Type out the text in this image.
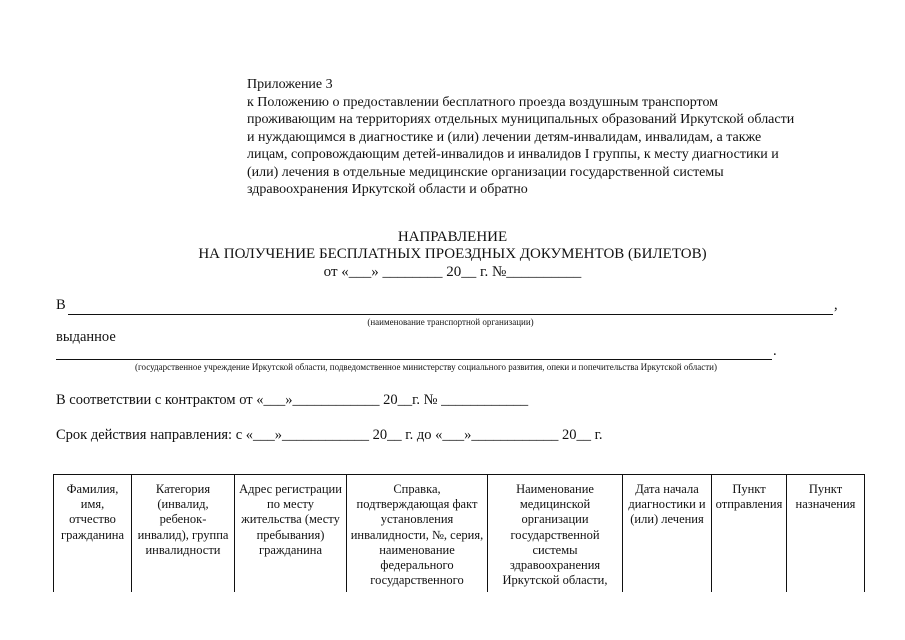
Приложение 3
к Положению о предоставлении бесплатного проезда воздушным транспортом
проживающим на территориях отдельных муниципальных образований Иркутской области
и нуждающимся в диагностике и (или) лечении детям-инвалидам, инвалидам, а также
лицам, сопровождающим детей-инвалидов и инвалидов I группы, к месту диагностики и
(или) лечения в отдельные медицинские организации государственной системы
здравоохранения Иркутской области и обратно
НАПРАВЛЕНИЕ
НА ПОЛУЧЕНИЕ БЕСПЛАТНЫХ ПРОЕЗДНЫХ ДОКУМЕНТОВ (БИЛЕТОВ)
от «___» ________ 20__ г. №__________
В	,
(наименование транспортной организации)
выданное
.
(государственное учреждение Иркутской области, подведомственное министерству социального развития, опеки и попечительства Иркутской области)
В соответствии с контрактом от «___»____________ 20__г. № ____________
Срок действия направления: с «___»____________ 20__ г. до «___»____________ 20__ г.
Фамилия, имя, отчество гражданина	Категория (инвалид, ребенок-инвалид), группа инвалидности	Адрес регистрации по месту жительства (месту пребывания) гражданина	Справка, подтверждающая факт установления инвалидности, №, серия, наименование федерального государственного	Наименование медицинской организации государственной системы здравоохранения Иркутской области,	Дата начала диагностики и (или) лечения	Пункт отправления	Пункт назначения
